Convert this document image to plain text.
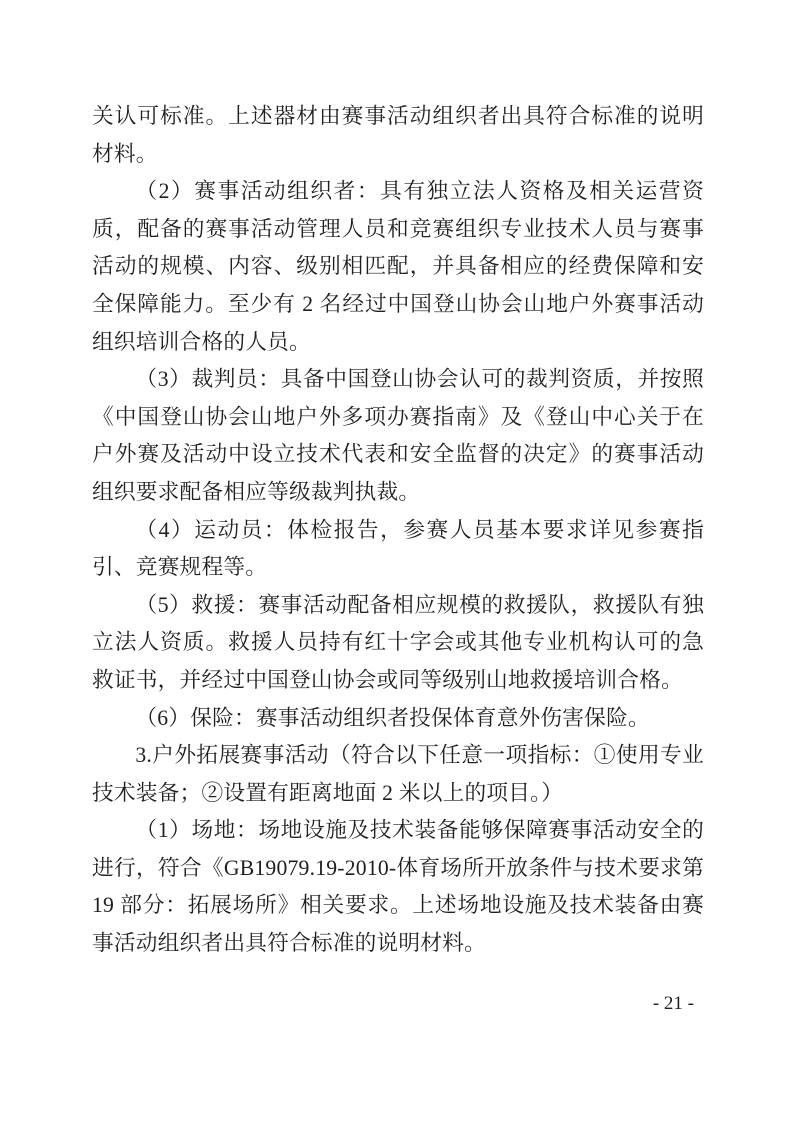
关认可标准。上述器材由赛事活动组织者出具符合标准的说明材料。

（2）赛事活动组织者：具有独立法人资格及相关运营资质，配备的赛事活动管理人员和竞赛组织专业技术人员与赛事活动的规模、内容、级别相匹配，并具备相应的经费保障和安全保障能力。至少有 2 名经过中国登山协会山地户外赛事活动组织培训合格的人员。

（3）裁判员：具备中国登山协会认可的裁判资质，并按照《中国登山协会山地户外多项办赛指南》及《登山中心关于在户外赛及活动中设立技术代表和安全监督的决定》的赛事活动组织要求配备相应等级裁判执裁。

（4）运动员：体检报告，参赛人员基本要求详见参赛指引、竞赛规程等。

（5）救援：赛事活动配备相应规模的救援队，救援队有独立法人资质。救援人员持有红十字会或其他专业机构认可的急救证书，并经过中国登山协会或同等级别山地救援培训合格。

（6）保险：赛事活动组织者投保体育意外伤害保险。

3.户外拓展赛事活动（符合以下任意一项指标：①使用专业技术装备；②设置有距离地面 2 米以上的项目。）

（1）场地：场地设施及技术装备能够保障赛事活动安全的进行，符合《GB19079.19-2010-体育场所开放条件与技术要求第 19 部分：拓展场所》相关要求。上述场地设施及技术装备由赛事活动组织者出具符合标准的说明材料。

- 21 -
